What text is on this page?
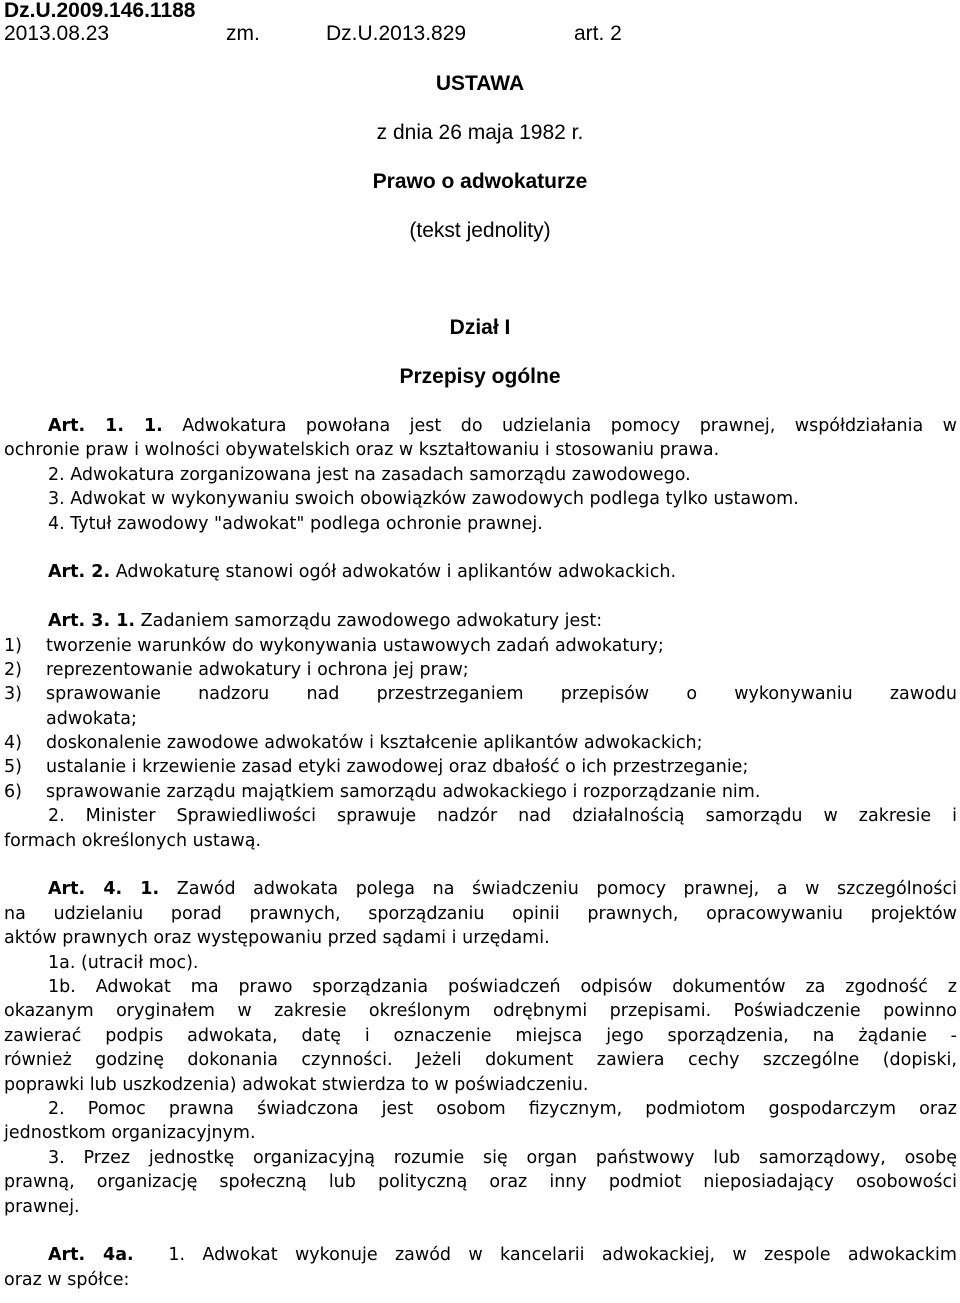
Dz.U.2009.146.1188
2013.08.23	zm.	Dz.U.2013.829	art. 2
USTAWA
z dnia 26 maja 1982 r.
Prawo o adwokaturze
(tekst jednolity)
Dział I
Przepisy ogólne
Art. 1. 1. Adwokatura powołana jest do udzielania pomocy prawnej, współdziałania w
ochronie praw i wolności obywatelskich oraz w kształtowaniu i stosowaniu prawa.
2. Adwokatura zorganizowana jest na zasadach samorządu zawodowego.
3. Adwokat w wykonywaniu swoich obowiązków zawodowych podlega tylko ustawom.
4. Tytuł zawodowy "adwokat" podlega ochronie prawnej.
Art. 2. Adwokaturę stanowi ogół adwokatów i aplikantów adwokackich.
Art. 3. 1. Zadaniem samorządu zawodowego adwokatury jest:
1) tworzenie warunków do wykonywania ustawowych zadań adwokatury;
2) reprezentowanie adwokatury i ochrona jej praw;
3) sprawowanie nadzoru nad przestrzeganiem przepisów o wykonywaniu zawodu
adwokata;
4) doskonalenie zawodowe adwokatów i kształcenie aplikantów adwokackich;
5) ustalanie i krzewienie zasad etyki zawodowej oraz dbałość o ich przestrzeganie;
6) sprawowanie zarządu majątkiem samorządu adwokackiego i rozporządzanie nim.
2. Minister Sprawiedliwości sprawuje nadzór nad działalnością samorządu w zakresie i
formach określonych ustawą.
Art. 4. 1. Zawód adwokata polega na świadczeniu pomocy prawnej, a w szczególności
na udzielaniu porad prawnych, sporządzaniu opinii prawnych, opracowywaniu projektów
aktów prawnych oraz występowaniu przed sądami i urzędami.
1a. (utracił moc).
1b. Adwokat ma prawo sporządzania poświadczeń odpisów dokumentów za zgodność z
okazanym oryginałem w zakresie określonym odrębnymi przepisami. Poświadczenie powinno
zawierać podpis adwokata, datę i oznaczenie miejsca jego sporządzenia, na żądanie -
również godzinę dokonania czynności. Jeżeli dokument zawiera cechy szczególne (dopiski,
poprawki lub uszkodzenia) adwokat stwierdza to w poświadczeniu.
2. Pomoc prawna świadczona jest osobom fizycznym, podmiotom gospodarczym oraz
jednostkom organizacyjnym.
3. Przez jednostkę organizacyjną rozumie się organ państwowy lub samorządowy, osobę
prawną, organizację społeczną lub polityczną oraz inny podmiot nieposiadający osobowości
prawnej.
Art. 4a. 1. Adwokat wykonuje zawód w kancelarii adwokackiej, w zespole adwokackim
oraz w spółce:
